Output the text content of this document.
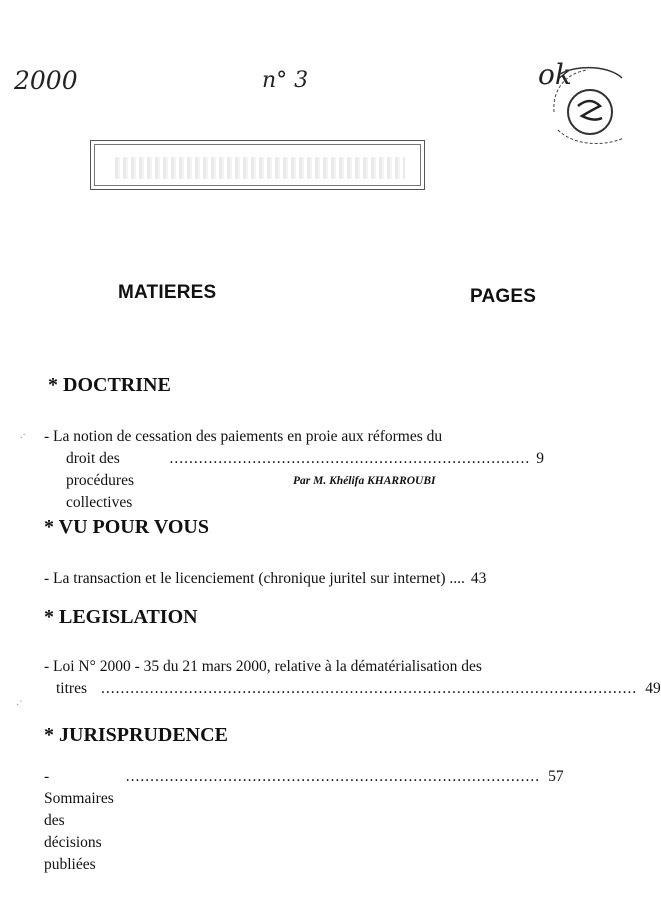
2000	n° 3	ok
MATIERES	PAGES
* DOCTRINE
- La notion de cessation des paiements en proie aux réformes du
droit des procédures collectives
.......................................................................... 9
Par M. Khélifa KHARROUBI
* VU POUR VOUS
- La transaction et le licenciement (chronique juritel sur internet) .... 43
* LEGISLATION
- Loi N° 2000 - 35 du 21 mars 2000, relative à la dématérialisation des
titres .............................................................................................................. 49
* JURISPRUDENCE
- Sommaires des décisions publiées
..................................................................................... 57
.·
·ˋ
